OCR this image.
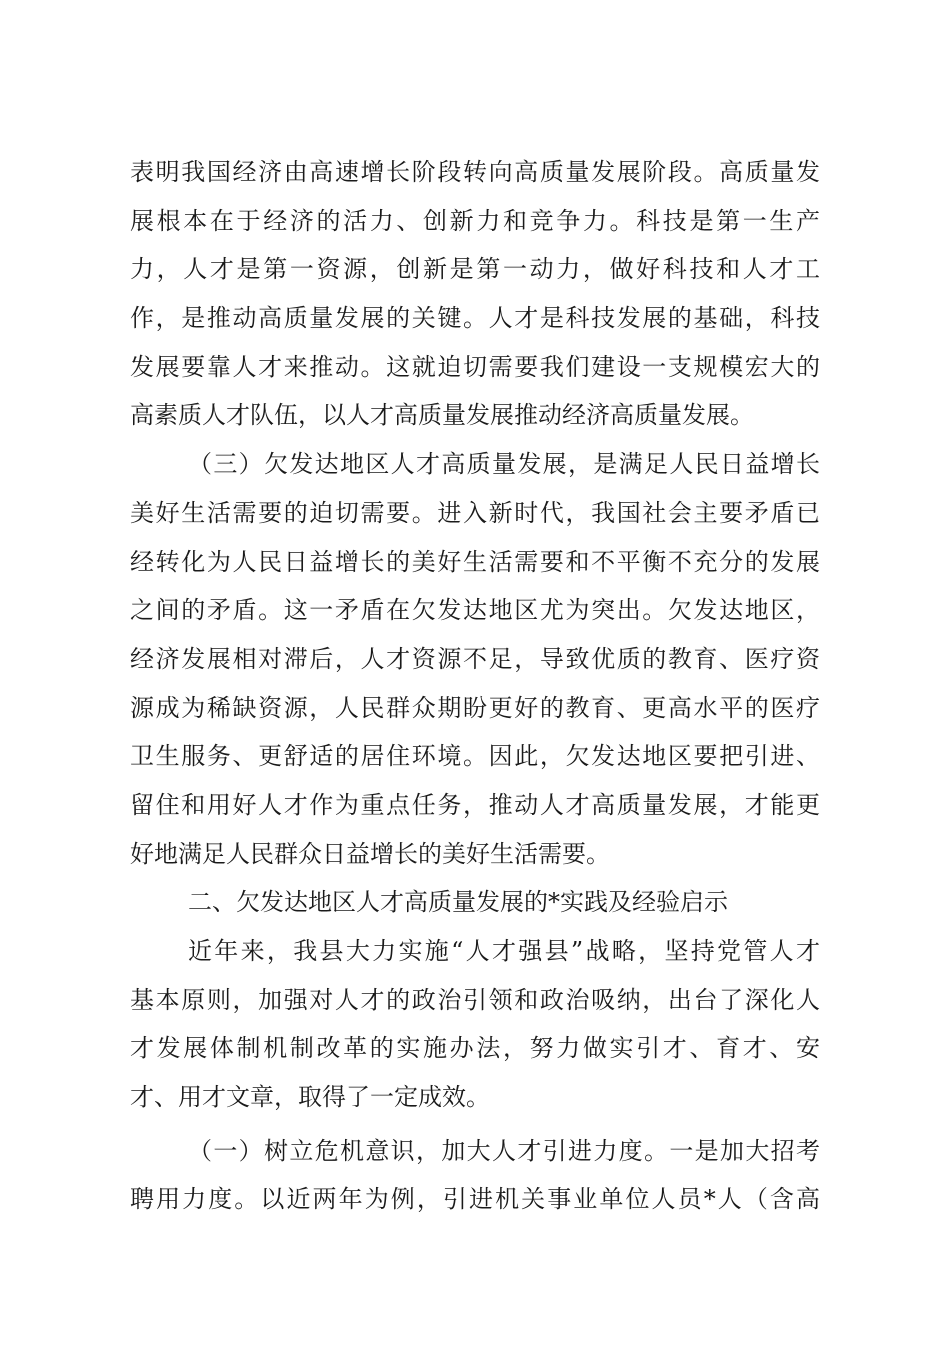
表明我国经济由高速增长阶段转向高质量发展阶段。高质量发
展根本在于经济的活力、创新力和竞争力。科技是第一生产
力，人才是第一资源，创新是第一动力，做好科技和人才工
作，是推动高质量发展的关键。人才是科技发展的基础，科技
发展要靠人才来推动。这就迫切需要我们建设一支规模宏大的
高素质人才队伍，以人才高质量发展推动经济高质量发展。
（三）欠发达地区人才高质量发展，是满足人民日益增长
美好生活需要的迫切需要。进入新时代，我国社会主要矛盾已
经转化为人民日益增长的美好生活需要和不平衡不充分的发展
之间的矛盾。这一矛盾在欠发达地区尤为突出。欠发达地区，
经济发展相对滞后，人才资源不足，导致优质的教育、医疗资
源成为稀缺资源，人民群众期盼更好的教育、更高水平的医疗
卫生服务、更舒适的居住环境。因此，欠发达地区要把引进、
留住和用好人才作为重点任务，推动人才高质量发展，才能更
好地满足人民群众日益增长的美好生活需要。
二、欠发达地区人才高质量发展的*实践及经验启示
近年来，我县大力实施“人才强县”战略，坚持党管人才
基本原则，加强对人才的政治引领和政治吸纳，出台了深化人
才发展体制机制改革的实施办法，努力做实引才、育才、安
才、用才文章，取得了一定成效。
（一）树立危机意识，加大人才引进力度。一是加大招考
聘用力度。以近两年为例，引进机关事业单位人员*人（含高
